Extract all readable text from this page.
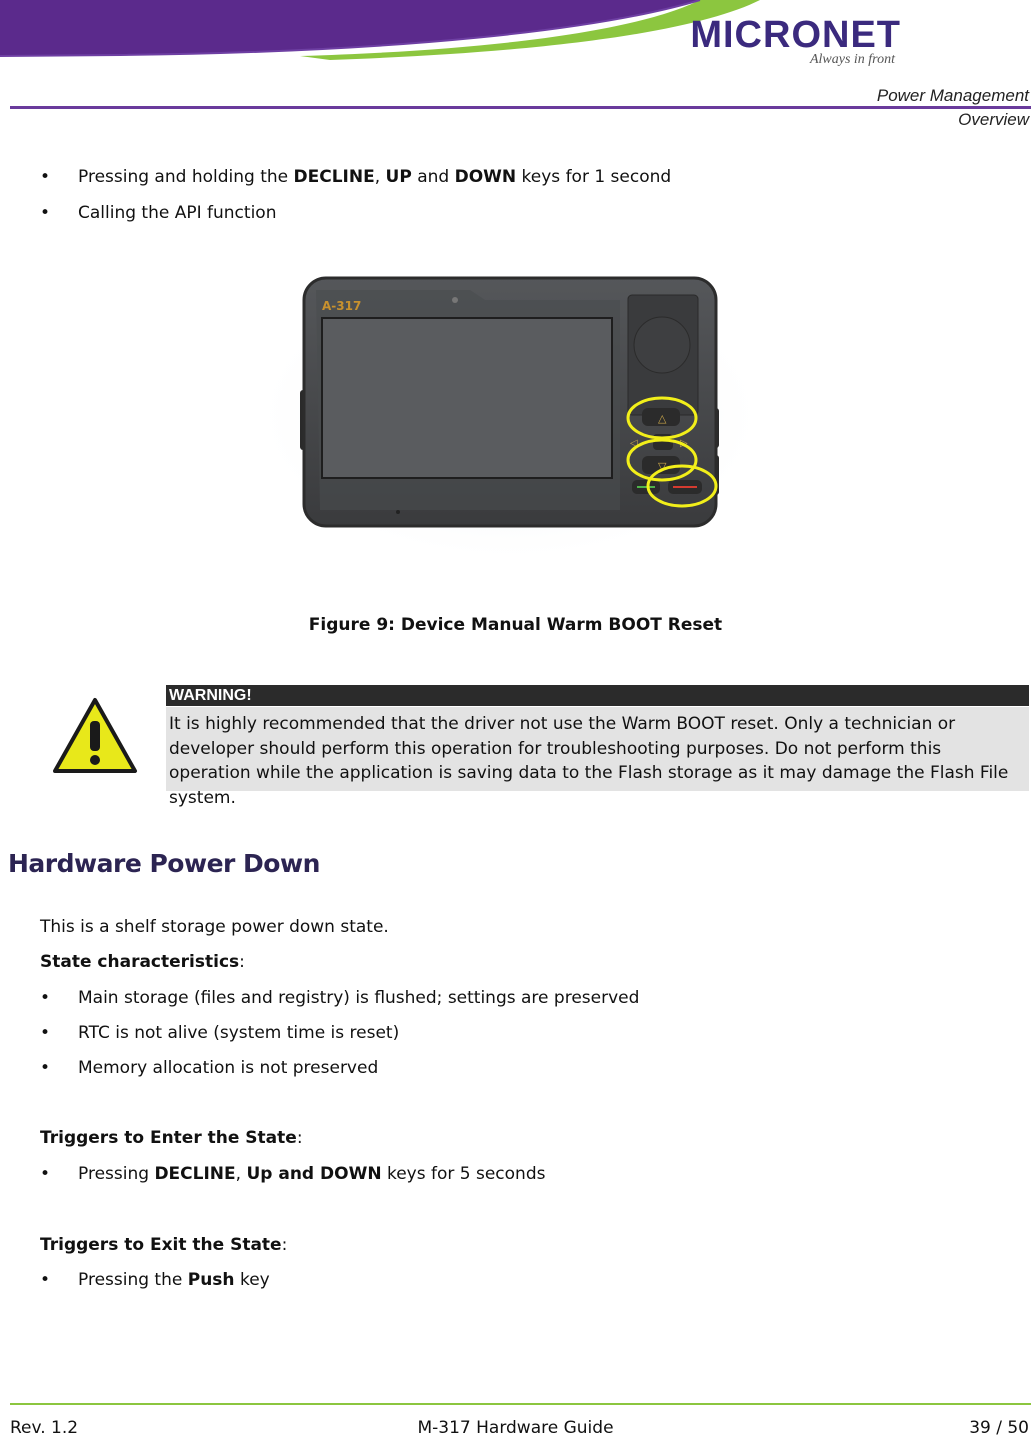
MICRONET
Always in front
Power Management
Overview
• Pressing and holding the DECLINE, UP and DOWN keys for 1 second
• Calling the API function
A-317
△
◁	▷
▽
Figure 9: Device Manual Warm BOOT Reset
WARNING!
It is highly recommended that the driver not use the Warm BOOT reset. Only a technician or developer should perform this operation for troubleshooting purposes. Do not perform this operation while the application is saving data to the Flash storage as it may damage the Flash File system.
Hardware Power Down
This is a shelf storage power down state.
State characteristics:
• Main storage (files and registry) is flushed; settings are preserved
• RTC is not alive (system time is reset)
• Memory allocation is not preserved
Triggers to Enter the State:
• Pressing DECLINE, Up and DOWN keys for 5 seconds
Triggers to Exit the State:
• Pressing the Push key
Rev. 1.2	M-317 Hardware Guide	39 / 50
